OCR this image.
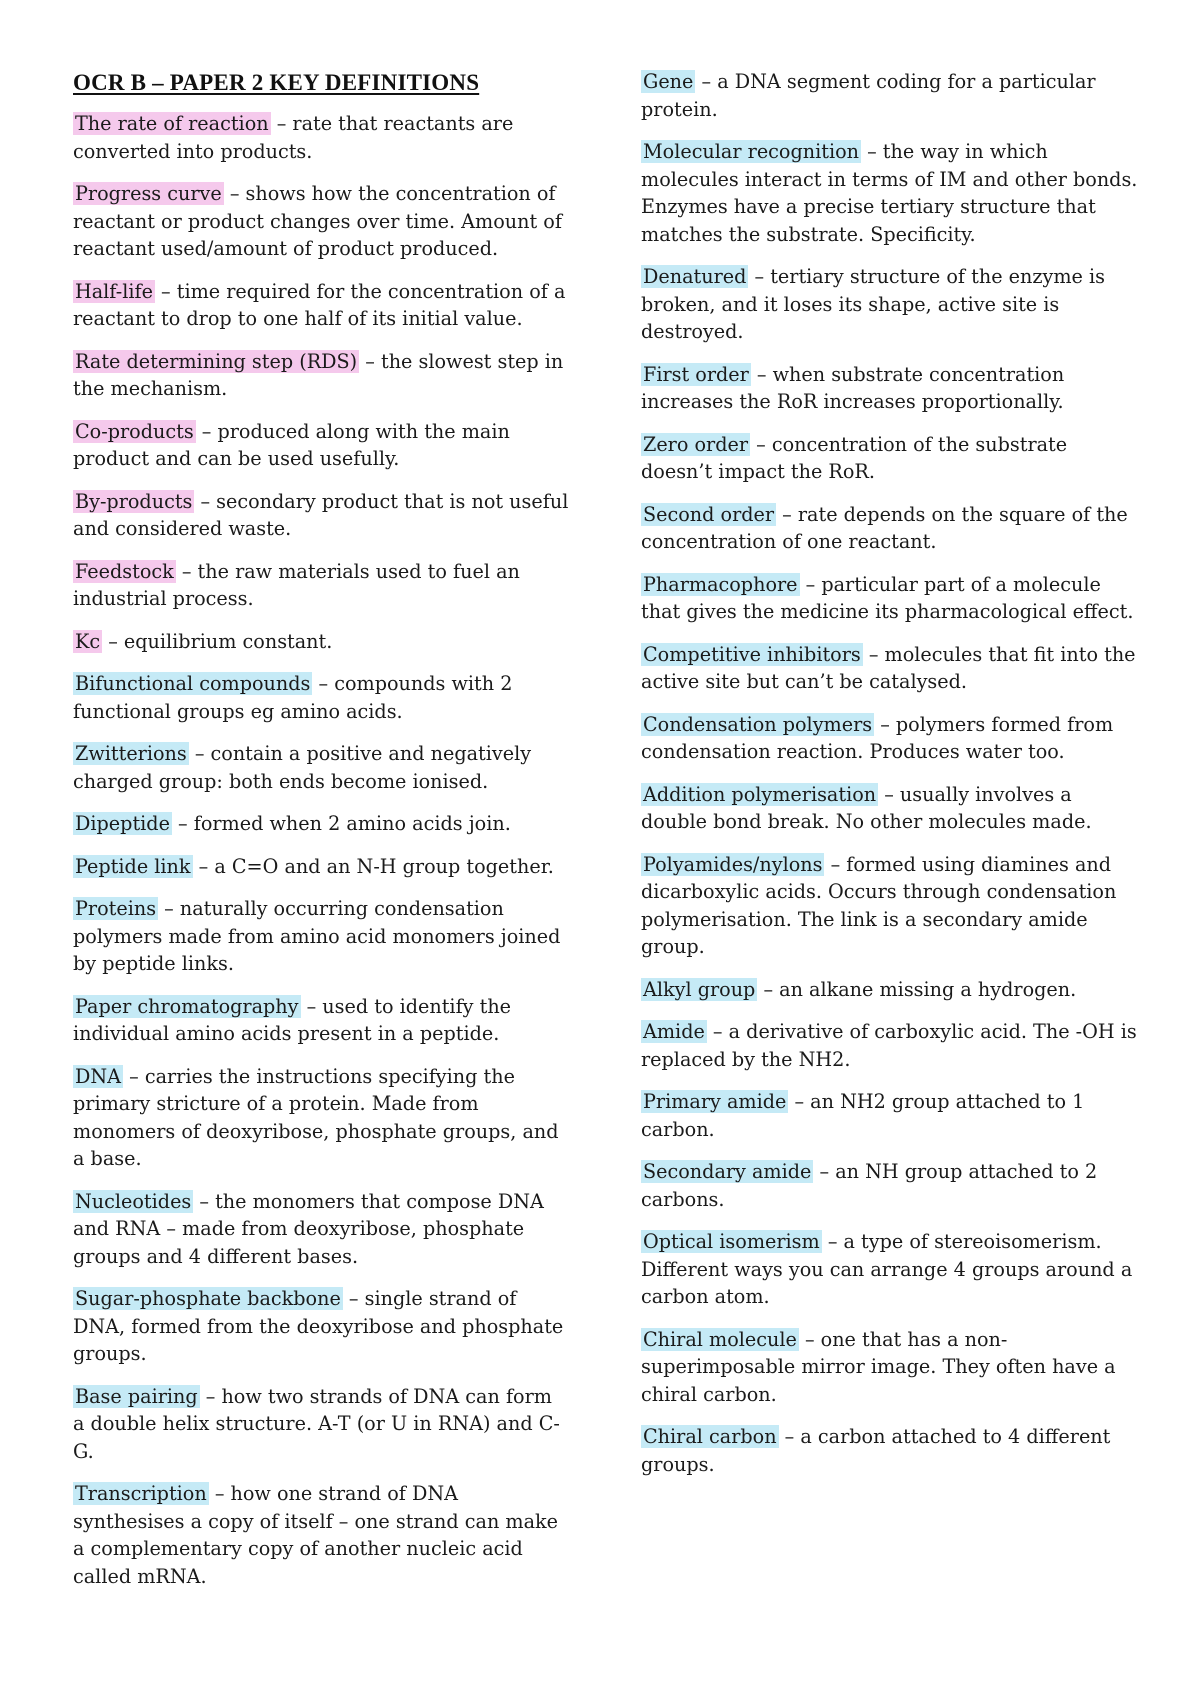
OCR B – PAPER 2 KEY DEFINITIONS

The rate of reaction – rate that reactants are converted into products.

Progress curve – shows how the concentration of reactant or product changes over time. Amount of reactant used/amount of product produced.

Half-life – time required for the concentration of a reactant to drop to one half of its initial value.

Rate determining step (RDS) – the slowest step in the mechanism.

Co-products – produced along with the main product and can be used usefully.

By-products – secondary product that is not useful and considered waste.

Feedstock – the raw materials used to fuel an industrial process.

Kc – equilibrium constant.

Bifunctional compounds – compounds with 2 functional groups eg amino acids.

Zwitterions – contain a positive and negatively charged group: both ends become ionised.

Dipeptide – formed when 2 amino acids join.

Peptide link – a C=O and an N-H group together.

Proteins – naturally occurring condensation polymers made from amino acid monomers joined by peptide links.

Paper chromatography – used to identify the individual amino acids present in a peptide.

DNA – carries the instructions specifying the primary stricture of a protein. Made from monomers of deoxyribose, phosphate groups, and a base.

Nucleotides – the monomers that compose DNA and RNA – made from deoxyribose, phosphate groups and 4 different bases.

Sugar-phosphate backbone – single strand of DNA, formed from the deoxyribose and phosphate groups.

Base pairing – how two strands of DNA can form a double helix structure. A-T (or U in RNA) and C-G.

Transcription – how one strand of DNA synthesises a copy of itself – one strand can make a complementary copy of another nucleic acid called mRNA.

Gene – a DNA segment coding for a particular protein.

Molecular recognition – the way in which molecules interact in terms of IM and other bonds. Enzymes have a precise tertiary structure that matches the substrate. Specificity.

Denatured – tertiary structure of the enzyme is broken, and it loses its shape, active site is destroyed.

First order – when substrate concentration increases the RoR increases proportionally.

Zero order – concentration of the substrate doesn’t impact the RoR.

Second order – rate depends on the square of the concentration of one reactant.

Pharmacophore – particular part of a molecule that gives the medicine its pharmacological effect.

Competitive inhibitors – molecules that fit into the active site but can’t be catalysed.

Condensation polymers – polymers formed from condensation reaction. Produces water too.

Addition polymerisation – usually involves a double bond break. No other molecules made.

Polyamides/nylons – formed using diamines and dicarboxylic acids. Occurs through condensation polymerisation. The link is a secondary amide group.

Alkyl group – an alkane missing a hydrogen.

Amide – a derivative of carboxylic acid. The -OH is replaced by the NH2.

Primary amide – an NH2 group attached to 1 carbon.

Secondary amide – an NH group attached to 2 carbons.

Optical isomerism – a type of stereoisomerism. Different ways you can arrange 4 groups around a carbon atom.

Chiral molecule – one that has a non-superimposable mirror image. They often have a chiral carbon.

Chiral carbon – a carbon attached to 4 different groups.
